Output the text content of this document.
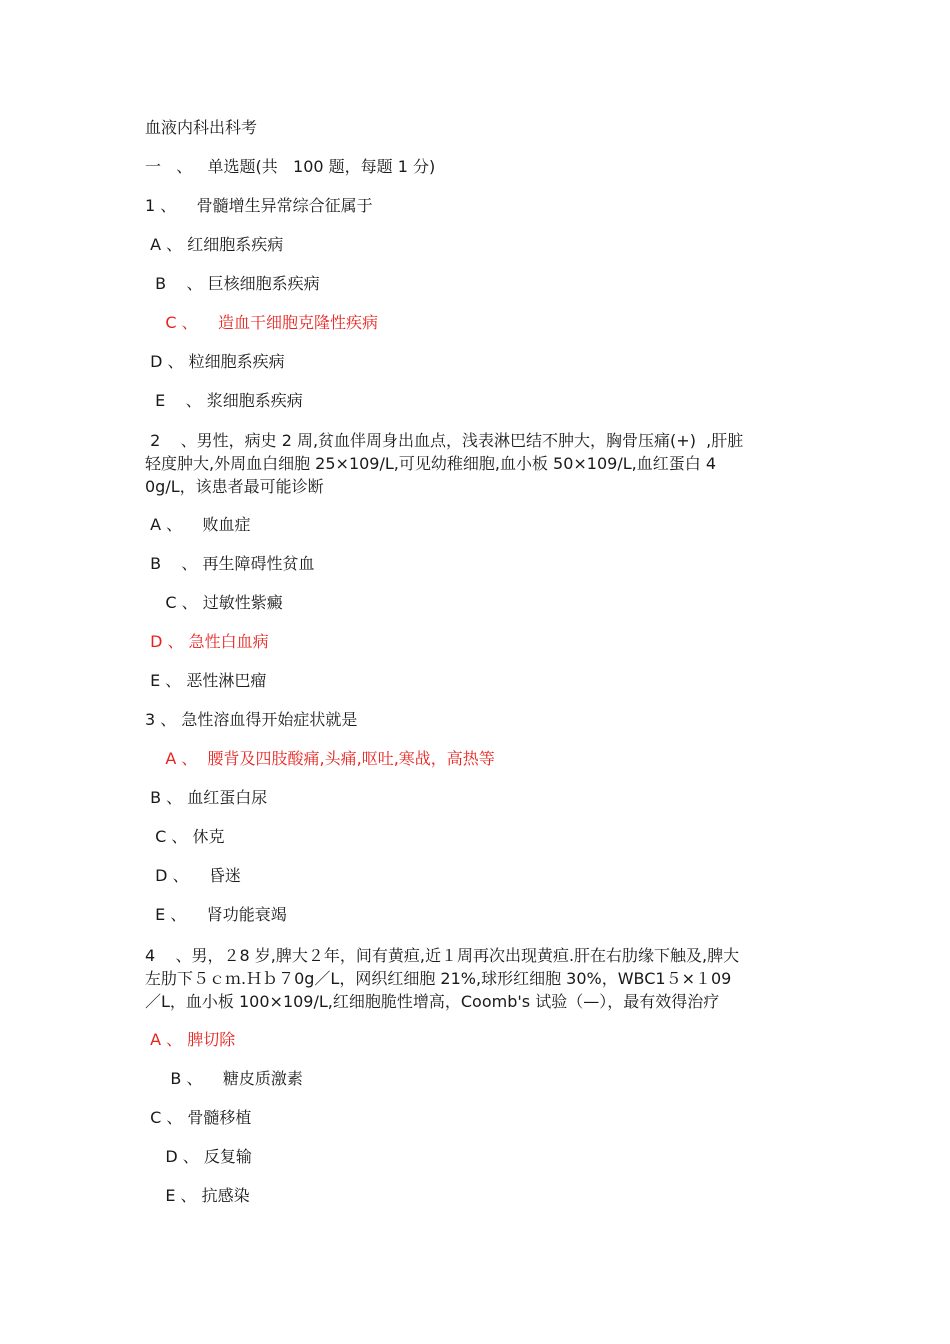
血液内科出科考
一   、   单选题(共   100 题，每题 1 分)
1 、    骨髓增生异常综合征属于
A 、 红细胞系疾病
B    、 巨核细胞系疾病
C 、    造血干细胞克隆性疾病
D 、 粒细胞系疾病
E    、 浆细胞系疾病
2    、男性，病史 2 周,贫血伴周身出血点，浅表淋巴结不肿大，胸骨压痛(+)  ,肝脏
轻度肿大,外周血白细胞 25×109/L,可见幼稚细胞,血小板 50×109/L,血红蛋白 4
0g/L，该患者最可能诊断
A 、    败血症
B    、 再生障碍性贫血
C 、 过敏性紫癜
D 、 急性白血病
E 、 恶性淋巴瘤
3 、 急性溶血得开始症状就是
A 、  腰背及四肢酸痛,头痛,呕吐,寒战，高热等
B 、 血红蛋白尿
C 、 休克
D 、    昏迷
E 、    肾功能衰竭
4    、男，２8 岁,脾大２年，间有黄疸,近１周再次出现黄疸.肝在右肋缘下触及,脾大
左肋下５ｃｍ.Ｈｂ７0g／L，网织红细胞 21%,球形红细胞 30%，WBC1５×１09
／L，血小板 100×109/L,红细胞脆性增高，Coomb's 试验（—），最有效得治疗
A 、 脾切除
B 、    糖皮质激素
C 、 骨髓移植
D 、 反复输
E 、 抗感染
